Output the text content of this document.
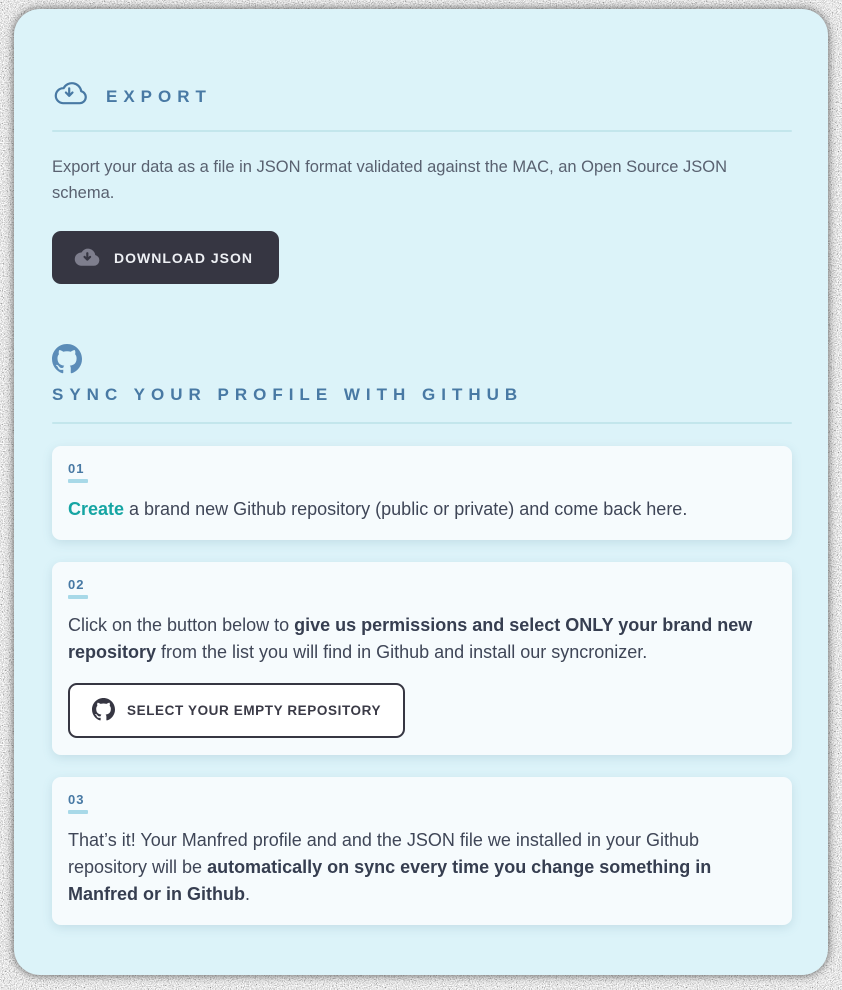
EXPORT

Export your data as a file in JSON format validated against the MAC, an Open Source JSON schema.

DOWNLOAD JSON
SYNC YOUR PROFILE WITH GITHUB
01

Create a brand new Github repository (public or private) and come back here.

02

Click on the button below to give us permissions and select ONLY your brand new repository from the list you will find in Github and install our syncronizer.

SELECT YOUR EMPTY REPOSITORY
03

That’s it! Your Manfred profile and and the JSON file we installed in your Github repository will be automatically on sync every time you change something in Manfred or in Github.
